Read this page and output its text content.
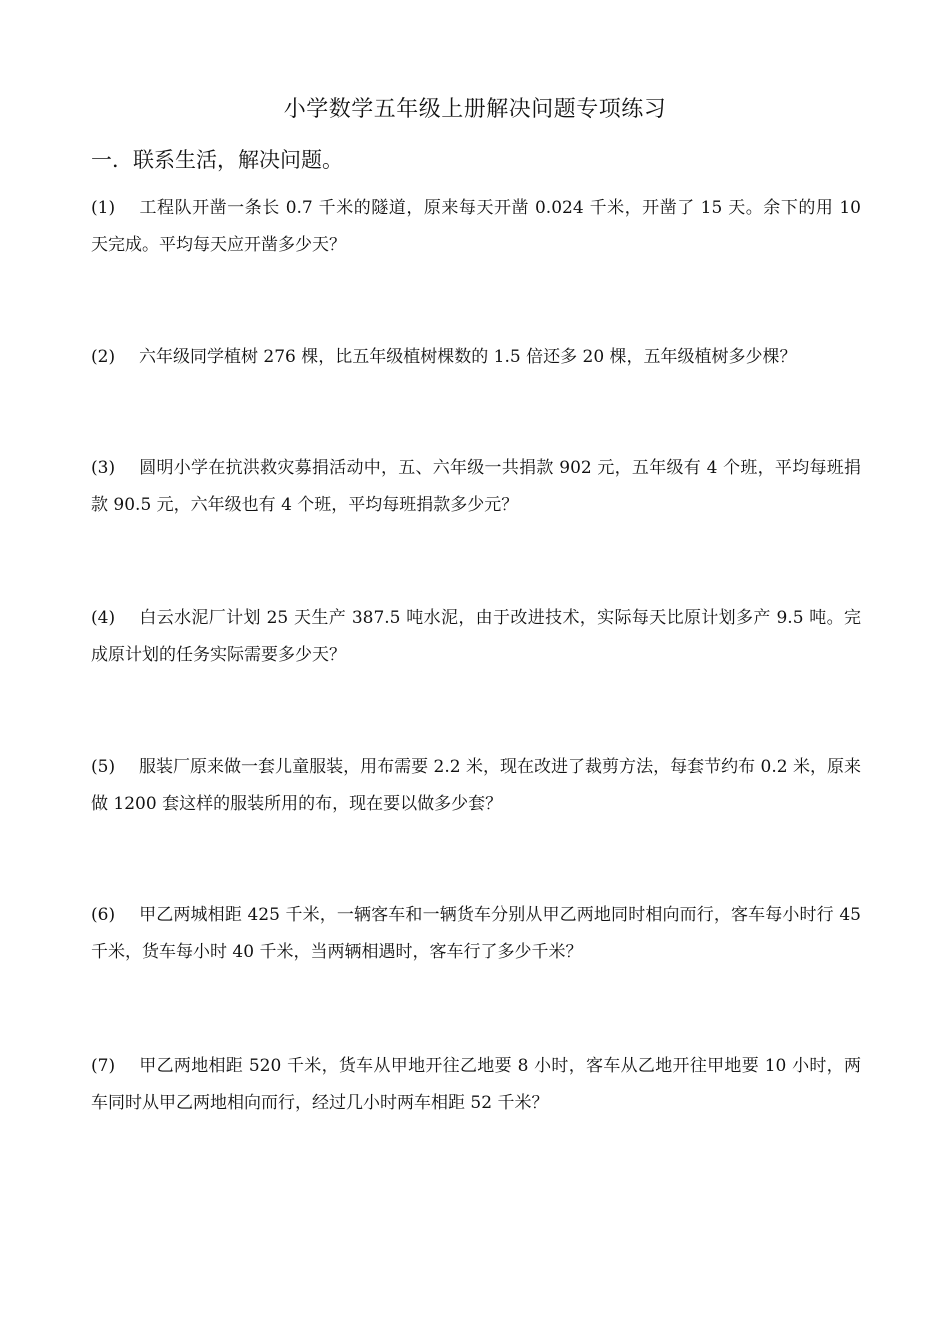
小学数学五年级上册解决问题专项练习
一．联系生活，解决问题。
(1) 工程队开凿一条长 0.7 千米的隧道，原来每天开凿 0.024 千米，开凿了 15 天。余下的用 10 天完成。平均每天应开凿多少天？
(2) 六年级同学植树 276 棵，比五年级植树棵数的 1.5 倍还多 20 棵，五年级植树多少棵？
(3) 圆明小学在抗洪救灾募捐活动中，五、六年级一共捐款 902 元，五年级有 4 个班，平均每班捐款 90.5 元，六年级也有 4 个班，平均每班捐款多少元？
(4) 白云水泥厂计划 25 天生产 387.5 吨水泥，由于改进技术，实际每天比原计划多产 9.5 吨。完成原计划的任务实际需要多少天？
(5) 服装厂原来做一套儿童服装，用布需要 2.2 米，现在改进了裁剪方法，每套节约布 0.2 米，原来做 1200 套这样的服装所用的布，现在要以做多少套？
(6) 甲乙两城相距 425 千米，一辆客车和一辆货车分别从甲乙两地同时相向而行，客车每小时行 45 千米，货车每小时 40 千米，当两辆相遇时，客车行了多少千米？
(7) 甲乙两地相距 520 千米，货车从甲地开往乙地要 8 小时，客车从乙地开往甲地要 10 小时，两车同时从甲乙两地相向而行，经过几小时两车相距 52 千米？
